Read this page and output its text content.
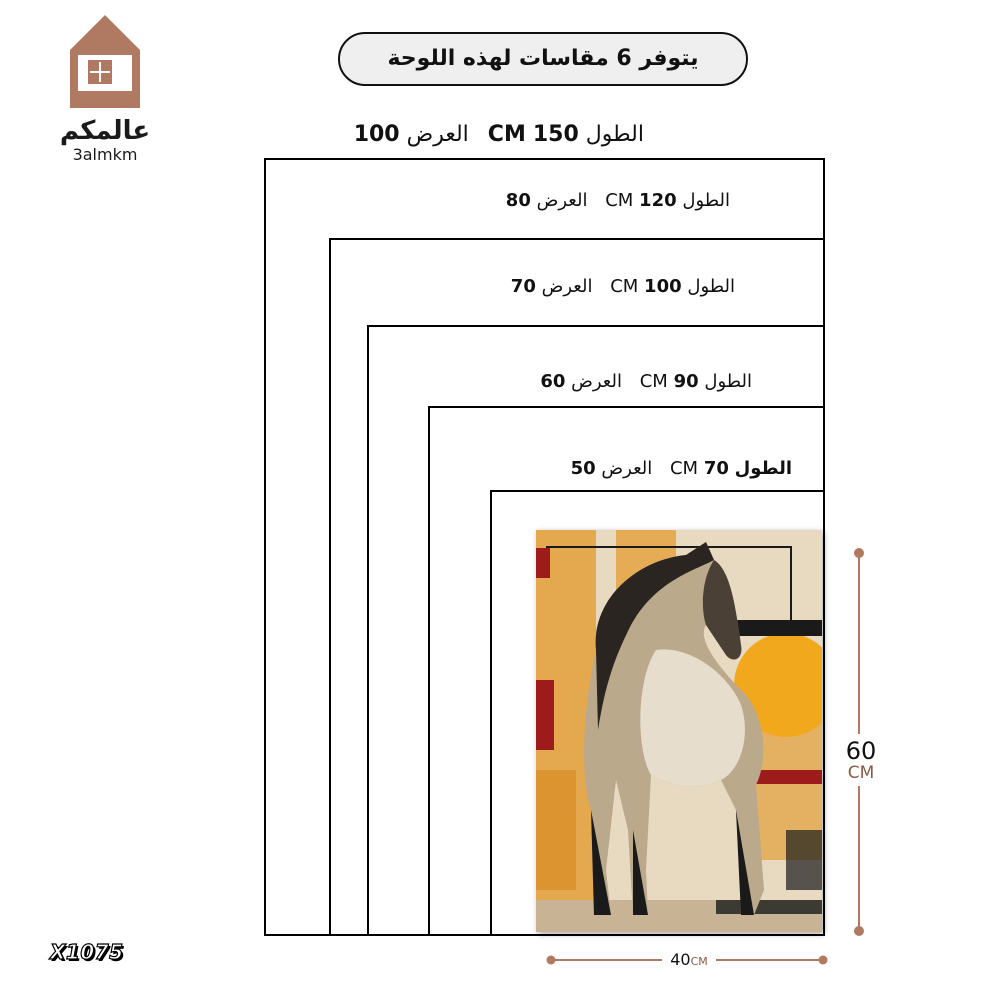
عالمكم
3almkm
يتوفر 6 مقاسات لهذه اللوحة
الطول 150 CM العرض 100
الطول 120 CM العرض 80
الطول 100 CM العرض 70
الطول 90 CM العرض 60
الطول 70 CM العرض 50
60
CM
40CM
X1075
